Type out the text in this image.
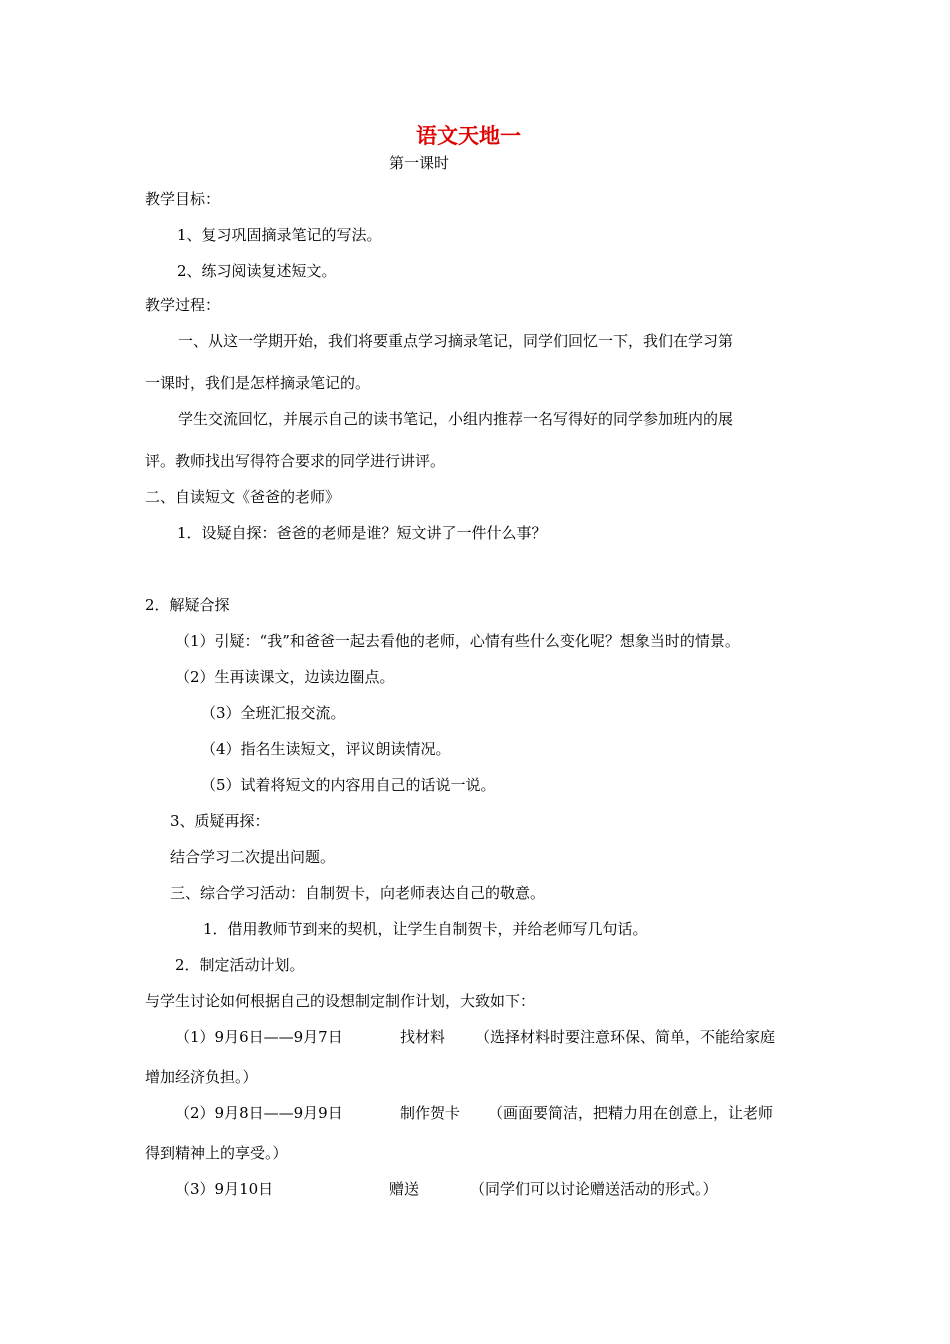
语文天地一
第一课时
教学目标：
1、复习巩固摘录笔记的写法。
2、练习阅读复述短文。
教学过程：
一、从这一学期开始，我们将要重点学习摘录笔记，同学们回忆一下，我们在学习第
一课时，我们是怎样摘录笔记的。
学生交流回忆，并展示自己的读书笔记，小组内推荐一名写得好的同学参加班内的展
评。教师找出写得符合要求的同学进行讲评。
二、自读短文《爸爸的老师》
1．设疑自探：爸爸的老师是谁？短文讲了一件什么事？
2．解疑合探
（1）引疑：“我”和爸爸一起去看他的老师，心情有些什么变化呢？想象当时的情景。
（2）生再读课文，边读边圈点。
（3）全班汇报交流。
（4）指名生读短文，评议朗读情况。
（5）试着将短文的内容用自己的话说一说。
3、质疑再探：
结合学习二次提出问题。
三、综合学习活动：自制贺卡，向老师表达自己的敬意。
1．借用教师节到来的契机，让学生自制贺卡，并给老师写几句话。
2．制定活动计划。
与学生讨论如何根据自己的设想制定制作计划，大致如下：
（1）9月6日——9月7日	找材料 （选择材料时要注意环保、简单，不能给家庭
增加经济负担。）
（2）9月8日——9月9日	制作贺卡 （画面要简洁，把精力用在创意上，让老师
得到精神上的享受。）
（3）9月10日	赠送	（同学们可以讨论赠送活动的形式。）
